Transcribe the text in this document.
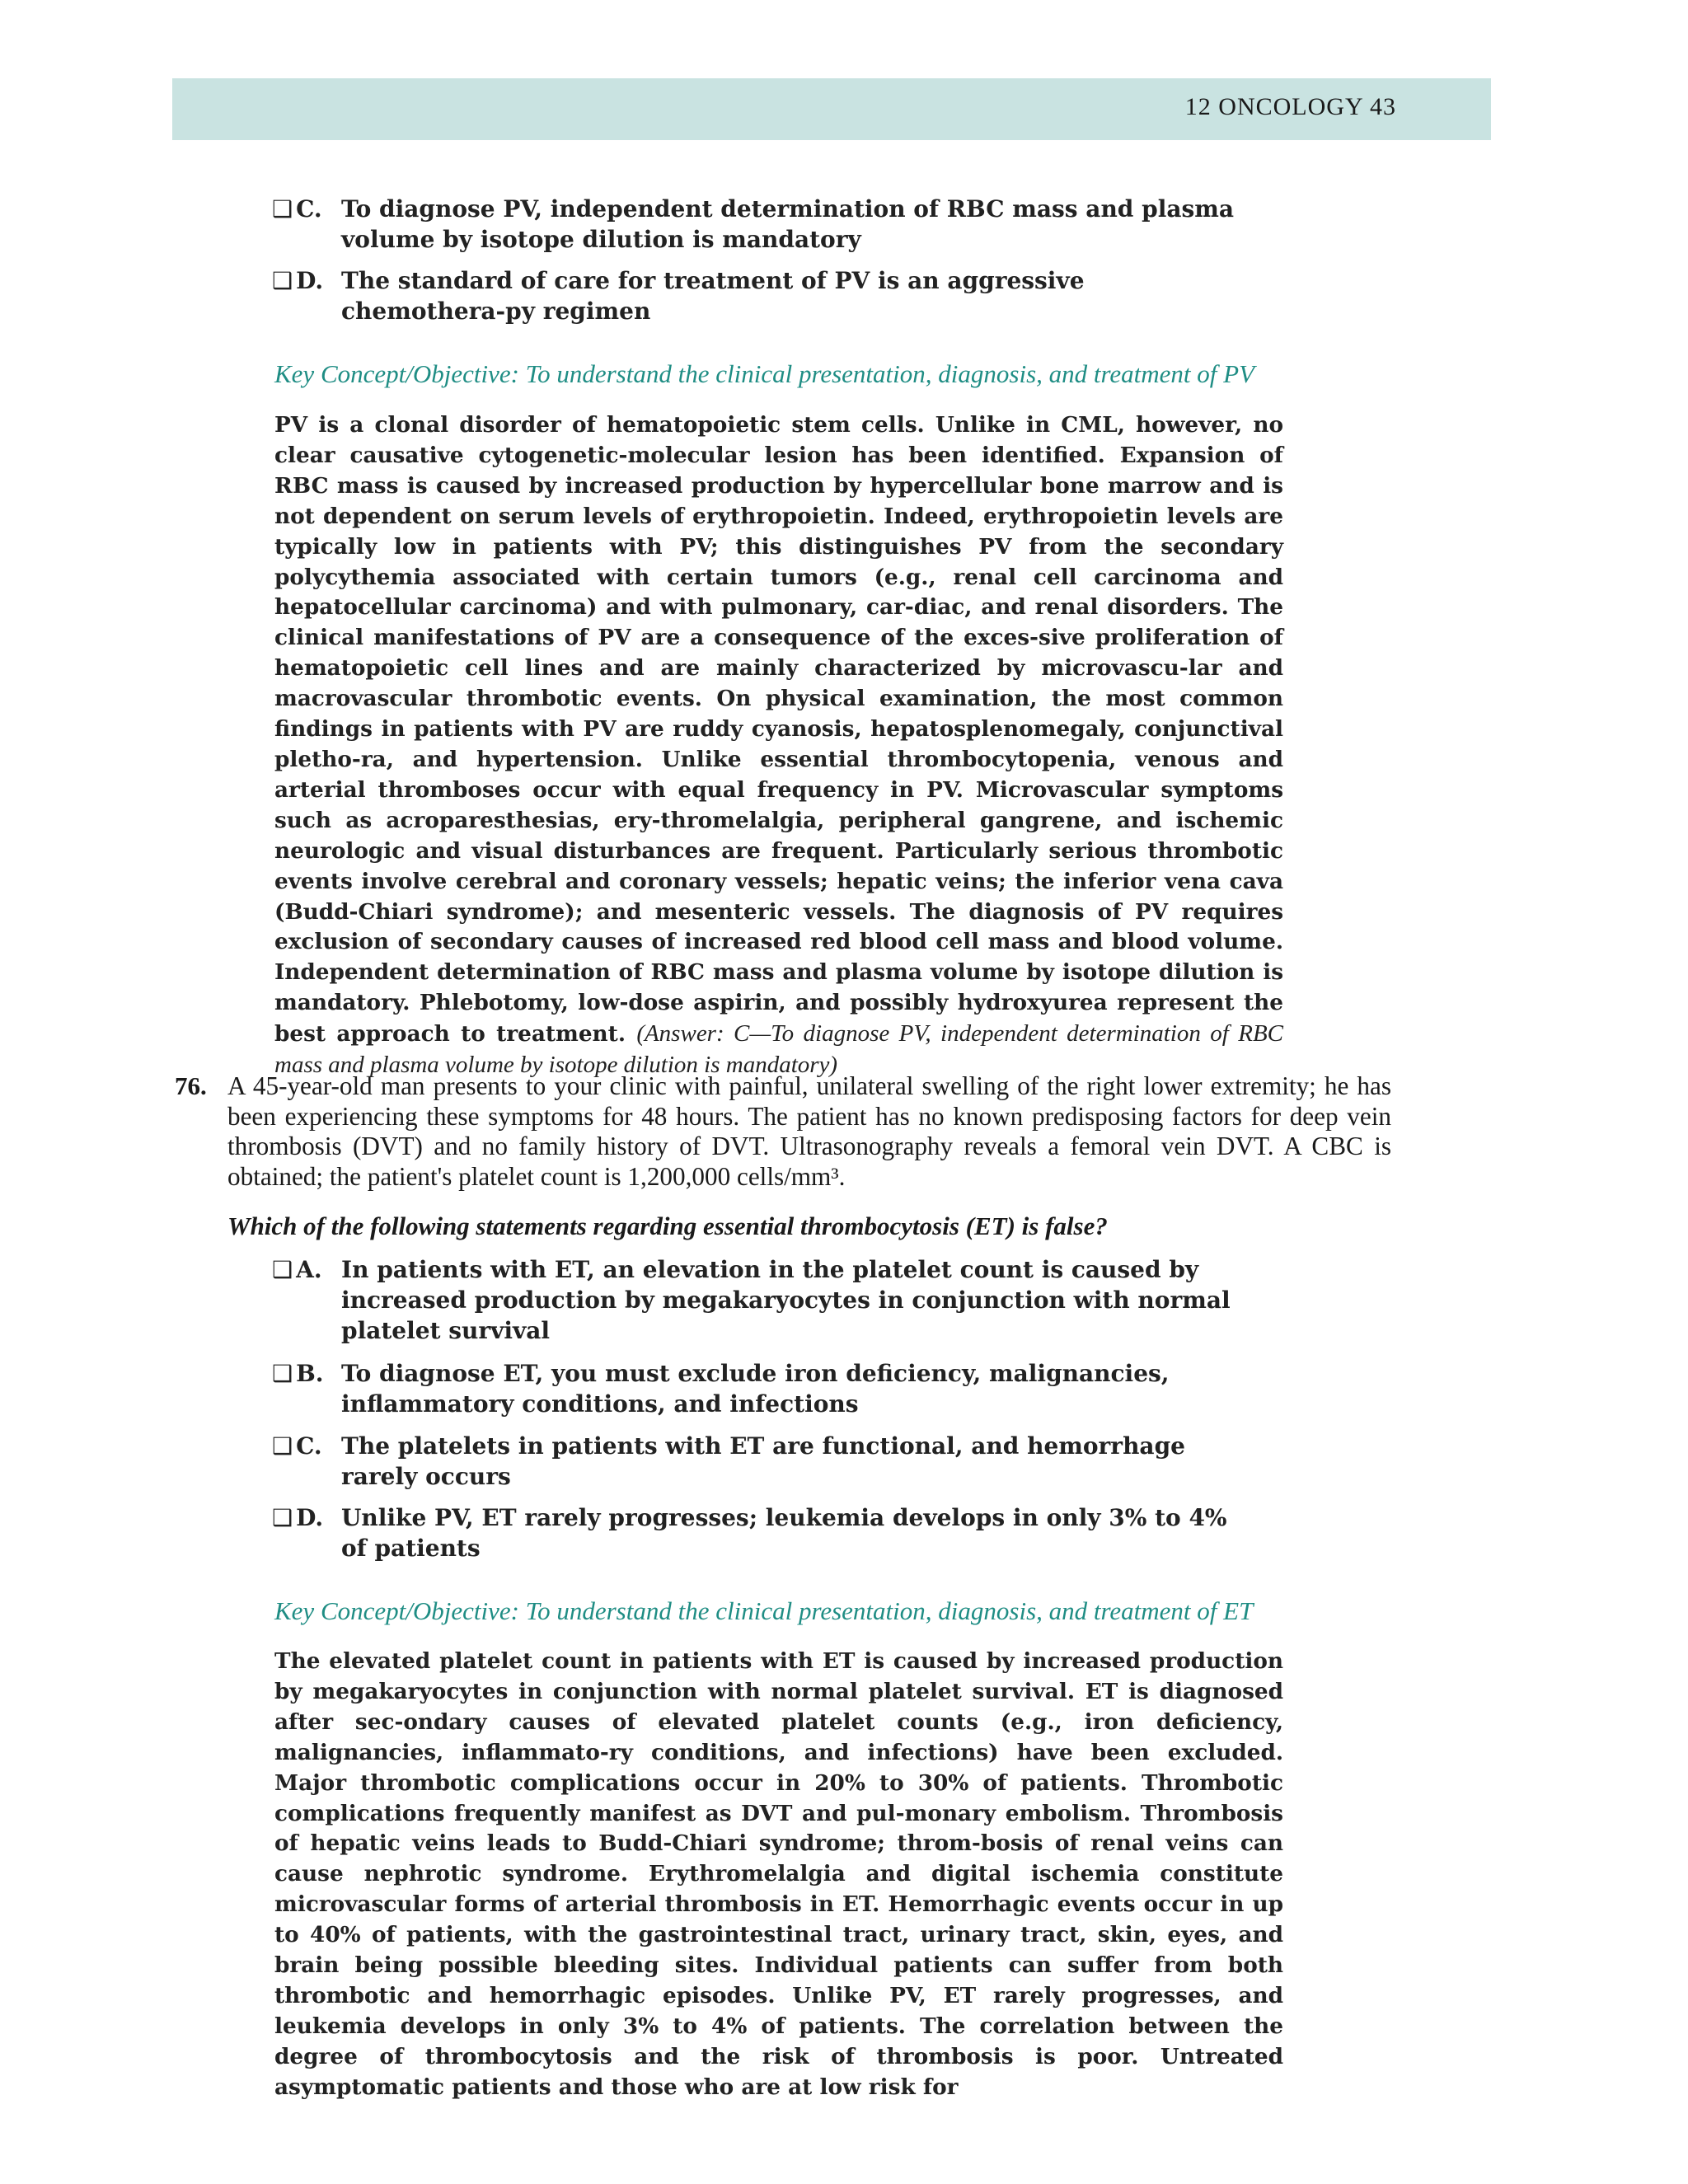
12 ONCOLOGY 43
❑ C. To diagnose PV, independent determination of RBC mass and plasma volume by isotope dilution is mandatory
❑ D. The standard of care for treatment of PV is an aggressive chemothera-py regimen
Key Concept/Objective: To understand the clinical presentation, diagnosis, and treatment of PV
PV is a clonal disorder of hematopoietic stem cells. Unlike in CML, however, no clear causative cytogenetic-molecular lesion has been identified. Expansion of RBC mass is caused by increased production by hypercellular bone marrow and is not dependent on serum levels of erythropoietin. Indeed, erythropoietin levels are typically low in patients with PV; this distinguishes PV from the secondary polycythemia associated with certain tumors (e.g., renal cell carcinoma and hepatocellular carcinoma) and with pulmonary, car-diac, and renal disorders. The clinical manifestations of PV are a consequence of the exces-sive proliferation of hematopoietic cell lines and are mainly characterized by microvascu-lar and macrovascular thrombotic events. On physical examination, the most common findings in patients with PV are ruddy cyanosis, hepatosplenomegaly, conjunctival pletho-ra, and hypertension. Unlike essential thrombocytopenia, venous and arterial thromboses occur with equal frequency in PV. Microvascular symptoms such as acroparesthesias, ery-thromelalgia, peripheral gangrene, and ischemic neurologic and visual disturbances are frequent. Particularly serious thrombotic events involve cerebral and coronary vessels; hepatic veins; the inferior vena cava (Budd-Chiari syndrome); and mesenteric vessels. The diagnosis of PV requires exclusion of secondary causes of increased red blood cell mass and blood volume. Independent determination of RBC mass and plasma volume by isotope dilution is mandatory. Phlebotomy, low-dose aspirin, and possibly hydroxyurea represent the best approach to treatment. (Answer: C—To diagnose PV, independent determination of RBC mass and plasma volume by isotope dilution is mandatory)
76. A 45-year-old man presents to your clinic with painful, unilateral swelling of the right lower extremity; he has been experiencing these symptoms for 48 hours. The patient has no known predisposing factors for deep vein thrombosis (DVT) and no family history of DVT. Ultrasonography reveals a femoral vein DVT. A CBC is obtained; the patient's platelet count is 1,200,000 cells/mm³.
Which of the following statements regarding essential thrombocytosis (ET) is false?
❑ A. In patients with ET, an elevation in the platelet count is caused by increased production by megakaryocytes in conjunction with normal platelet survival
❑ B. To diagnose ET, you must exclude iron deficiency, malignancies, inflammatory conditions, and infections
❑ C. The platelets in patients with ET are functional, and hemorrhage rarely occurs
❑ D. Unlike PV, ET rarely progresses; leukemia develops in only 3% to 4% of patients
Key Concept/Objective: To understand the clinical presentation, diagnosis, and treatment of ET
The elevated platelet count in patients with ET is caused by increased production by megakaryocytes in conjunction with normal platelet survival. ET is diagnosed after sec-ondary causes of elevated platelet counts (e.g., iron deficiency, malignancies, inflammato-ry conditions, and infections) have been excluded. Major thrombotic complications occur in 20% to 30% of patients. Thrombotic complications frequently manifest as DVT and pul-monary embolism. Thrombosis of hepatic veins leads to Budd-Chiari syndrome; throm-bosis of renal veins can cause nephrotic syndrome. Erythromelalgia and digital ischemia constitute microvascular forms of arterial thrombosis in ET. Hemorrhagic events occur in up to 40% of patients, with the gastrointestinal tract, urinary tract, skin, eyes, and brain being possible bleeding sites. Individual patients can suffer from both thrombotic and hemorrhagic episodes. Unlike PV, ET rarely progresses, and leukemia develops in only 3% to 4% of patients. The correlation between the degree of thrombocytosis and the risk of thrombosis is poor. Untreated asymptomatic patients and those who are at low risk for
